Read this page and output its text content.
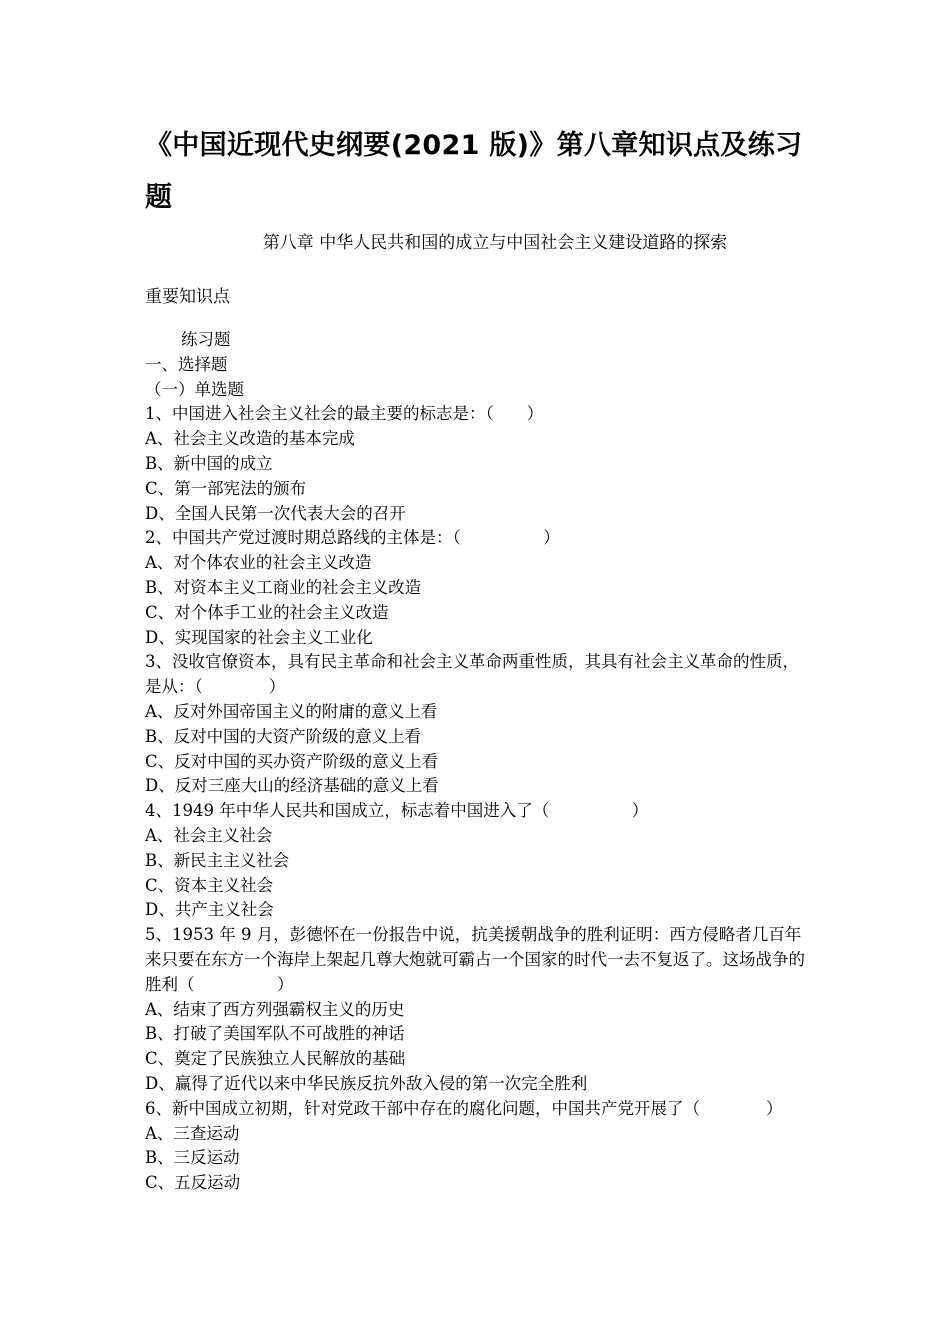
《中国近现代史纲要(2021 版)》第八章知识点及练习题
第八章 中华人民共和国的成立与中国社会主义建设道路的探索
重要知识点
练习题
一、选择题
（一）单选题
1、中国进入社会主义社会的最主要的标志是：（　　）
A、社会主义改造的基本完成
B、新中国的成立
C、第一部宪法的颁布
D、全国人民第一次代表大会的召开
2、中国共产党过渡时期总路线的主体是：（　　　　　）
A、对个体农业的社会主义改造
B、对资本主义工商业的社会主义改造
C、对个体手工业的社会主义改造
D、实现国家的社会主义工业化
3、没收官僚资本，具有民主革命和社会主义革命两重性质，其具有社会主义革命的性质，是从：（　　　　）
A、反对外国帝国主义的附庸的意义上看
B、反对中国的大资产阶级的意义上看
C、反对中国的买办资产阶级的意义上看
D、反对三座大山的经济基础的意义上看
4、1949 年中华人民共和国成立，标志着中国进入了（　　　　　）
A、社会主义社会
B、新民主主义社会
C、资本主义社会
D、共产主义社会
5、1953 年 9 月，彭德怀在一份报告中说，抗美援朝战争的胜利证明：西方侵略者几百年来只要在东方一个海岸上架起几尊大炮就可霸占一个国家的时代一去不复返了。这场战争的胜利（　　　　　）
A、结束了西方列强霸权主义的历史
B、打破了美国军队不可战胜的神话
C、奠定了民族独立人民解放的基础
D、赢得了近代以来中华民族反抗外敌入侵的第一次完全胜利
6、新中国成立初期，针对党政干部中存在的腐化问题，中国共产党开展了（　　　　）
A、三查运动
B、三反运动
C、五反运动
